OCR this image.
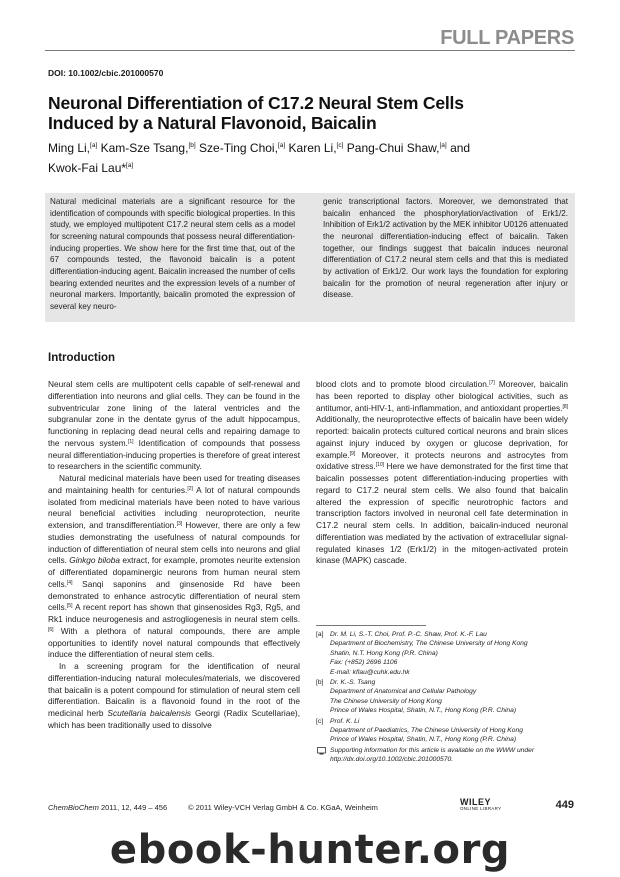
FULL PAPERS
DOI: 10.1002/cbic.201000570
Neuronal Differentiation of C17.2 Neural Stem Cells
Induced by a Natural Flavonoid, Baicalin
Ming Li,[a] Kam-Sze Tsang,[b] Sze-Ting Choi,[a] Karen Li,[c] Pang-Chui Shaw,[a] and
Kwok-Fai Lau*[a]
Natural medicinal materials are a significant resource for the identification of compounds with specific biological properties. In this study, we employed multipotent C17.2 neural stem cells as a model for screening natural compounds that possess neural differentiation-inducing properties. We show here for the first time that, out of the 67 compounds tested, the flavonoid baicalin is a potent differentiation-inducing agent. Baicalin increased the number of cells bearing extended neurites and the expression levels of a number of neuronal markers. Importantly, baicalin promoted the expression of several key neuro-
genic transcriptional factors. Moreover, we demonstrated that baicalin enhanced the phosphorylation/activation of Erk1/2. Inhibition of Erk1/2 activation by the MEK inhibitor U0126 attenuated the neuronal differentiation-inducing effect of baicalin. Taken together, our findings suggest that baicalin induces neuronal differentiation of C17.2 neural stem cells and that this is mediated by activation of Erk1/2. Our work lays the foundation for exploring baicalin for the promotion of neural regeneration after injury or disease.
Introduction

Neural stem cells are multipotent cells capable of self-renewal and differentiation into neurons and glial cells. They can be found in the subventricular zone lining of the lateral ventricles and the subgranular zone in the dentate gyrus of the adult hippocampus, functioning in replacing dead neural cells and repairing damage to the nervous system.[1] Identification of compounds that possess neural differentiation-inducing properties is therefore of great interest to researchers in the scientific community.

Natural medicinal materials have been used for treating diseases and maintaining health for centuries.[2] A lot of natural compounds isolated from medicinal materials have been noted to have various neural beneficial activities including neuroprotection, neurite extension, and transdifferentiation.[3] However, there are only a few studies demonstrating the usefulness of natural compounds for induction of differentiation of neural stem cells into neurons and glial cells. Ginkgo biloba extract, for example, promotes neurite extension of differentiated dopaminergic neurons from human neural stem cells.[4] Sanqi saponins and ginsenoside Rd have been demonstrated to enhance astrocytic differentiation of neural stem cells.[5] A recent report has shown that ginsenosides Rg3, Rg5, and Rk1 induce neurogenesis and astrogliogenesis in neural stem cells.[6] With a plethora of natural compounds, there are ample opportunities to identify novel natural compounds that effectively induce the differentiation of neural stem cells.

In a screening program for the identification of neural differentiation-inducing natural molecules/materials, we discovered that baicalin is a potent compound for stimulation of neural stem cell differentiation. Baicalin is a flavonoid found in the root of the medicinal herb Scutellaria baicalensis Georgi (Radix Scutellariae), which has been traditionally used to dissolve

blood clots and to promote blood circulation.[7] Moreover, baicalin has been reported to display other biological activities, such as antitumor, anti-HIV-1, anti-inflammation, and antioxidant properties.[8] Additionally, the neuroprotective effects of baicalin have been widely reported: baicalin protects cultured cortical neurons and brain slices against injury induced by oxygen or glucose deprivation, for example.[9] Moreover, it protects neurons and astrocytes from oxidative stress.[10] Here we have demonstrated for the first time that baicalin possesses potent differentiation-inducing properties with regard to C17.2 neural stem cells. We also found that baicalin altered the expression of specific neurotrophic factors and transcription factors involved in neuronal cell fate determination in C17.2 neural stem cells. In addition, baicalin-induced neuronal differentiation was mediated by the activation of extracellular signal-regulated kinases 1/2 (Erk1/2) in the mitogen-activated protein kinase (MAPK) cascade.

[a] Dr. M. Li, S.-T. Choi, Prof. P.-C. Shaw, Prof. K.-F. Lau
Department of Biochemistry, The Chinese University of Hong Kong
Shatin, N.T. Hong Kong (P.R. China)
Fax: (+852) 2696 1106
E-mail: kflau@cuhk.edu.hk
[b] Dr. K.-S. Tsang
Department of Anatomical and Cellular Pathology
The Chinese University of Hong Kong
Prince of Wales Hospital, Shatin, N.T., Hong Kong (P.R. China)
[c] Prof. K. Li
Department of Paediatrics, The Chinese University of Hong Kong
Prince of Wales Hospital, Shatin, N.T., Hong Kong (P.R. China)
Supporting information for this article is available on the WWW under
http://dx.doi.org/10.1002/cbic.201000570.
ChemBioChem 2011, 12, 449 – 456	© 2011 Wiley-VCH Verlag GmbH & Co. KGaA, Weinheim
WILEY
ONLINE LIBRARY	449
ebook-hunter.org
